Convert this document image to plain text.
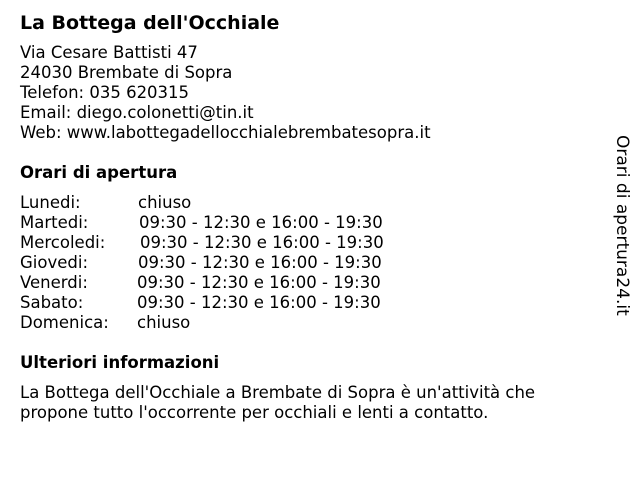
La Bottega dell'Occhiale
Via Cesare Battisti 47
24030 Brembate di Sopra
Telefon: 035 620315
Email: diego.colonetti@tin.it
Web: www.labottegadellocchialebrembatesopra.it
Orari di apertura
Lunedi:	chiuso
Martedi:	09:30 - 12:30 e 16:00 - 19:30
Mercoledi:	09:30 - 12:30 e 16:00 - 19:30
Giovedi:	09:30 - 12:30 e 16:00 - 19:30
Venerdi:	09:30 - 12:30 e 16:00 - 19:30
Sabato:	09:30 - 12:30 e 16:00 - 19:30
Domenica:	chiuso
Ulteriori informazioni
La Bottega dell'Occhiale a Brembate di Sopra è un'attività che propone tutto l'occorrente per occhiali e lenti a contatto.
Orari di apertura24.it
